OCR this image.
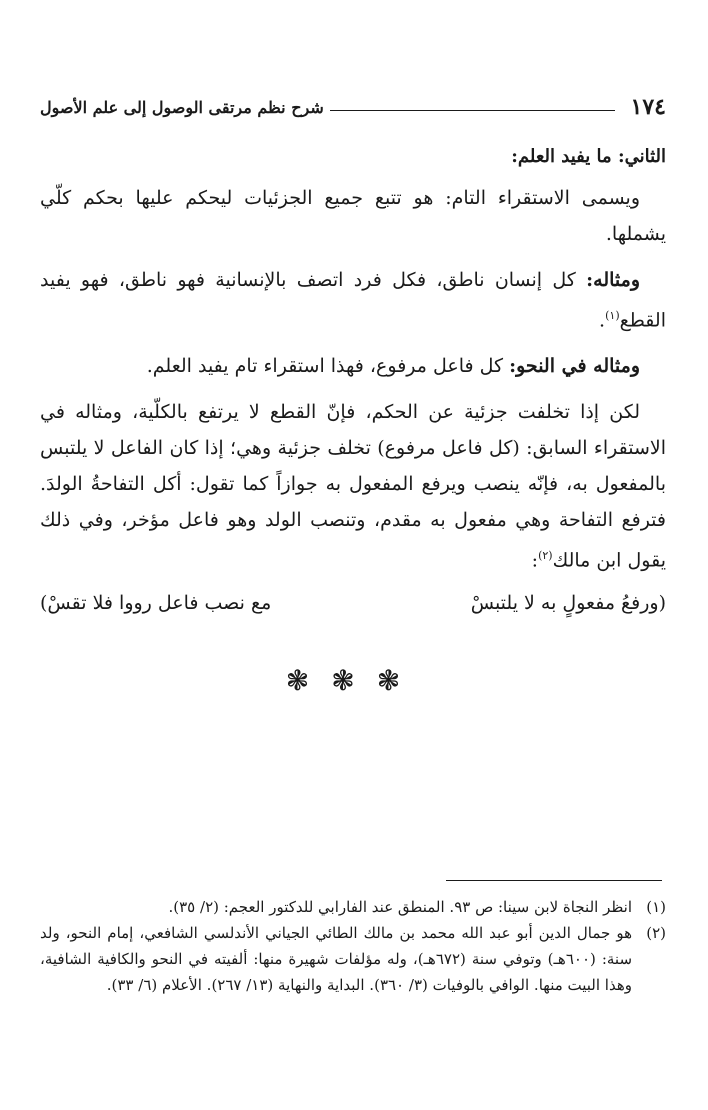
١٧٤
شرح نظم مرتقى الوصول إلى علم الأصول

الثاني: ما يفيد العلم:

ويسمى الاستقراء التام: هو تتبع جميع الجزئيات ليحكم عليها بحكم كلّي يشملها.

ومثاله: كل إنسان ناطق، فكل فرد اتصف بالإنسانية فهو ناطق، فهو يفيد القطع$^{(١)}$.

ومثاله في النحو: كل فاعل مرفوع، فهذا استقراء تام يفيد العلم.

لكن إذا تخلفت جزئية عن الحكم، فإنّ القطع لا يرتفع بالكلّية، ومثاله في الاستقراء السابق: (كل فاعل مرفوع) تخلف جزئية وهي؛ إذا كان الفاعل لا يلتبس بالمفعول به، فإنّه ينصب ويرفع المفعول به جوازاً كما تقول: أكل التفاحةُ الولدَ. فترفع التفاحة وهي مفعول به مقدم، وتنصب الولد وهو فاعل مؤخر، وفي ذلك يقول ابن مالك$^{(٢)}$:

(ورفعُ مفعولٍ به لا يلتبسْ
مع نصب فاعل رووا فلا تقسْ)
❃❃❃

(١)
انظر النجاة لابن سينا: ص ٩٣. المنطق عند الفارابي للدكتور العجم: (٢/ ٣٥).

(٢)
هو جمال الدين أبو عبد الله محمد بن مالك الطائي الجياني الأندلسي الشافعي، إمام النحو، ولد سنة: (٦٠٠هـ) وتوفي سنة (٦٧٢هـ)، وله مؤلفات شهيرة منها: ألفيته في النحو والكافية الشافية، وهذا البيت منها. الوافي بالوفيات (٣/ ٣٦٠). البداية والنهاية (١٣/ ٢٦٧). الأعلام (٦/ ٣٣).
